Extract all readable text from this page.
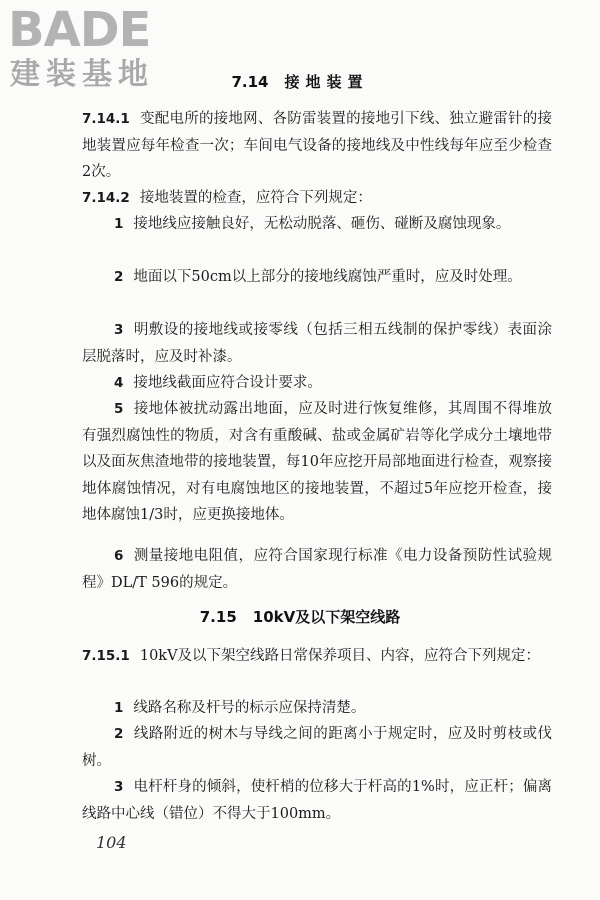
BADE
建装基地	7.14 接地装置
7.14.1 变配电所的接地网、各防雷装置的接地引下线、独立避雷针的接地装置应每年检查一次；车间电气设备的接地线及中性线每年应至少检查2次。
7.14.2 接地装置的检查，应符合下列规定：
1 接地线应接触良好，无松动脱落、砸伤、碰断及腐蚀现象。
2 地面以下50cm以上部分的接地线腐蚀严重时，应及时处理。
3 明敷设的接地线或接零线（包括三相五线制的保护零线）表面涂层脱落时，应及时补漆。
4 接地线截面应符合设计要求。
5 接地体被扰动露出地面，应及时进行恢复维修，其周围不得堆放有强烈腐蚀性的物质，对含有重酸碱、盐或金属矿岩等化学成分土壤地带以及面灰焦渣地带的接地装置，每10年应挖开局部地面进行检查，观察接地体腐蚀情况，对有电腐蚀地区的接地装置，不超过5年应挖开检查，接地体腐蚀1/3时，应更换接地体。
6 测量接地电阻值，应符合国家现行标准《电力设备预防性试验规程》DL/T 596的规定。
7.15 10kV及以下架空线路
7.15.1 10kV及以下架空线路日常保养项目、内容，应符合下列规定：
1 线路名称及杆号的标示应保持清楚。
2 线路附近的树木与导线之间的距离小于规定时，应及时剪枝或伐树。
3 电杆杆身的倾斜，使杆梢的位移大于杆高的1%时，应正杆；偏离线路中心线（错位）不得大于100mm。
104
